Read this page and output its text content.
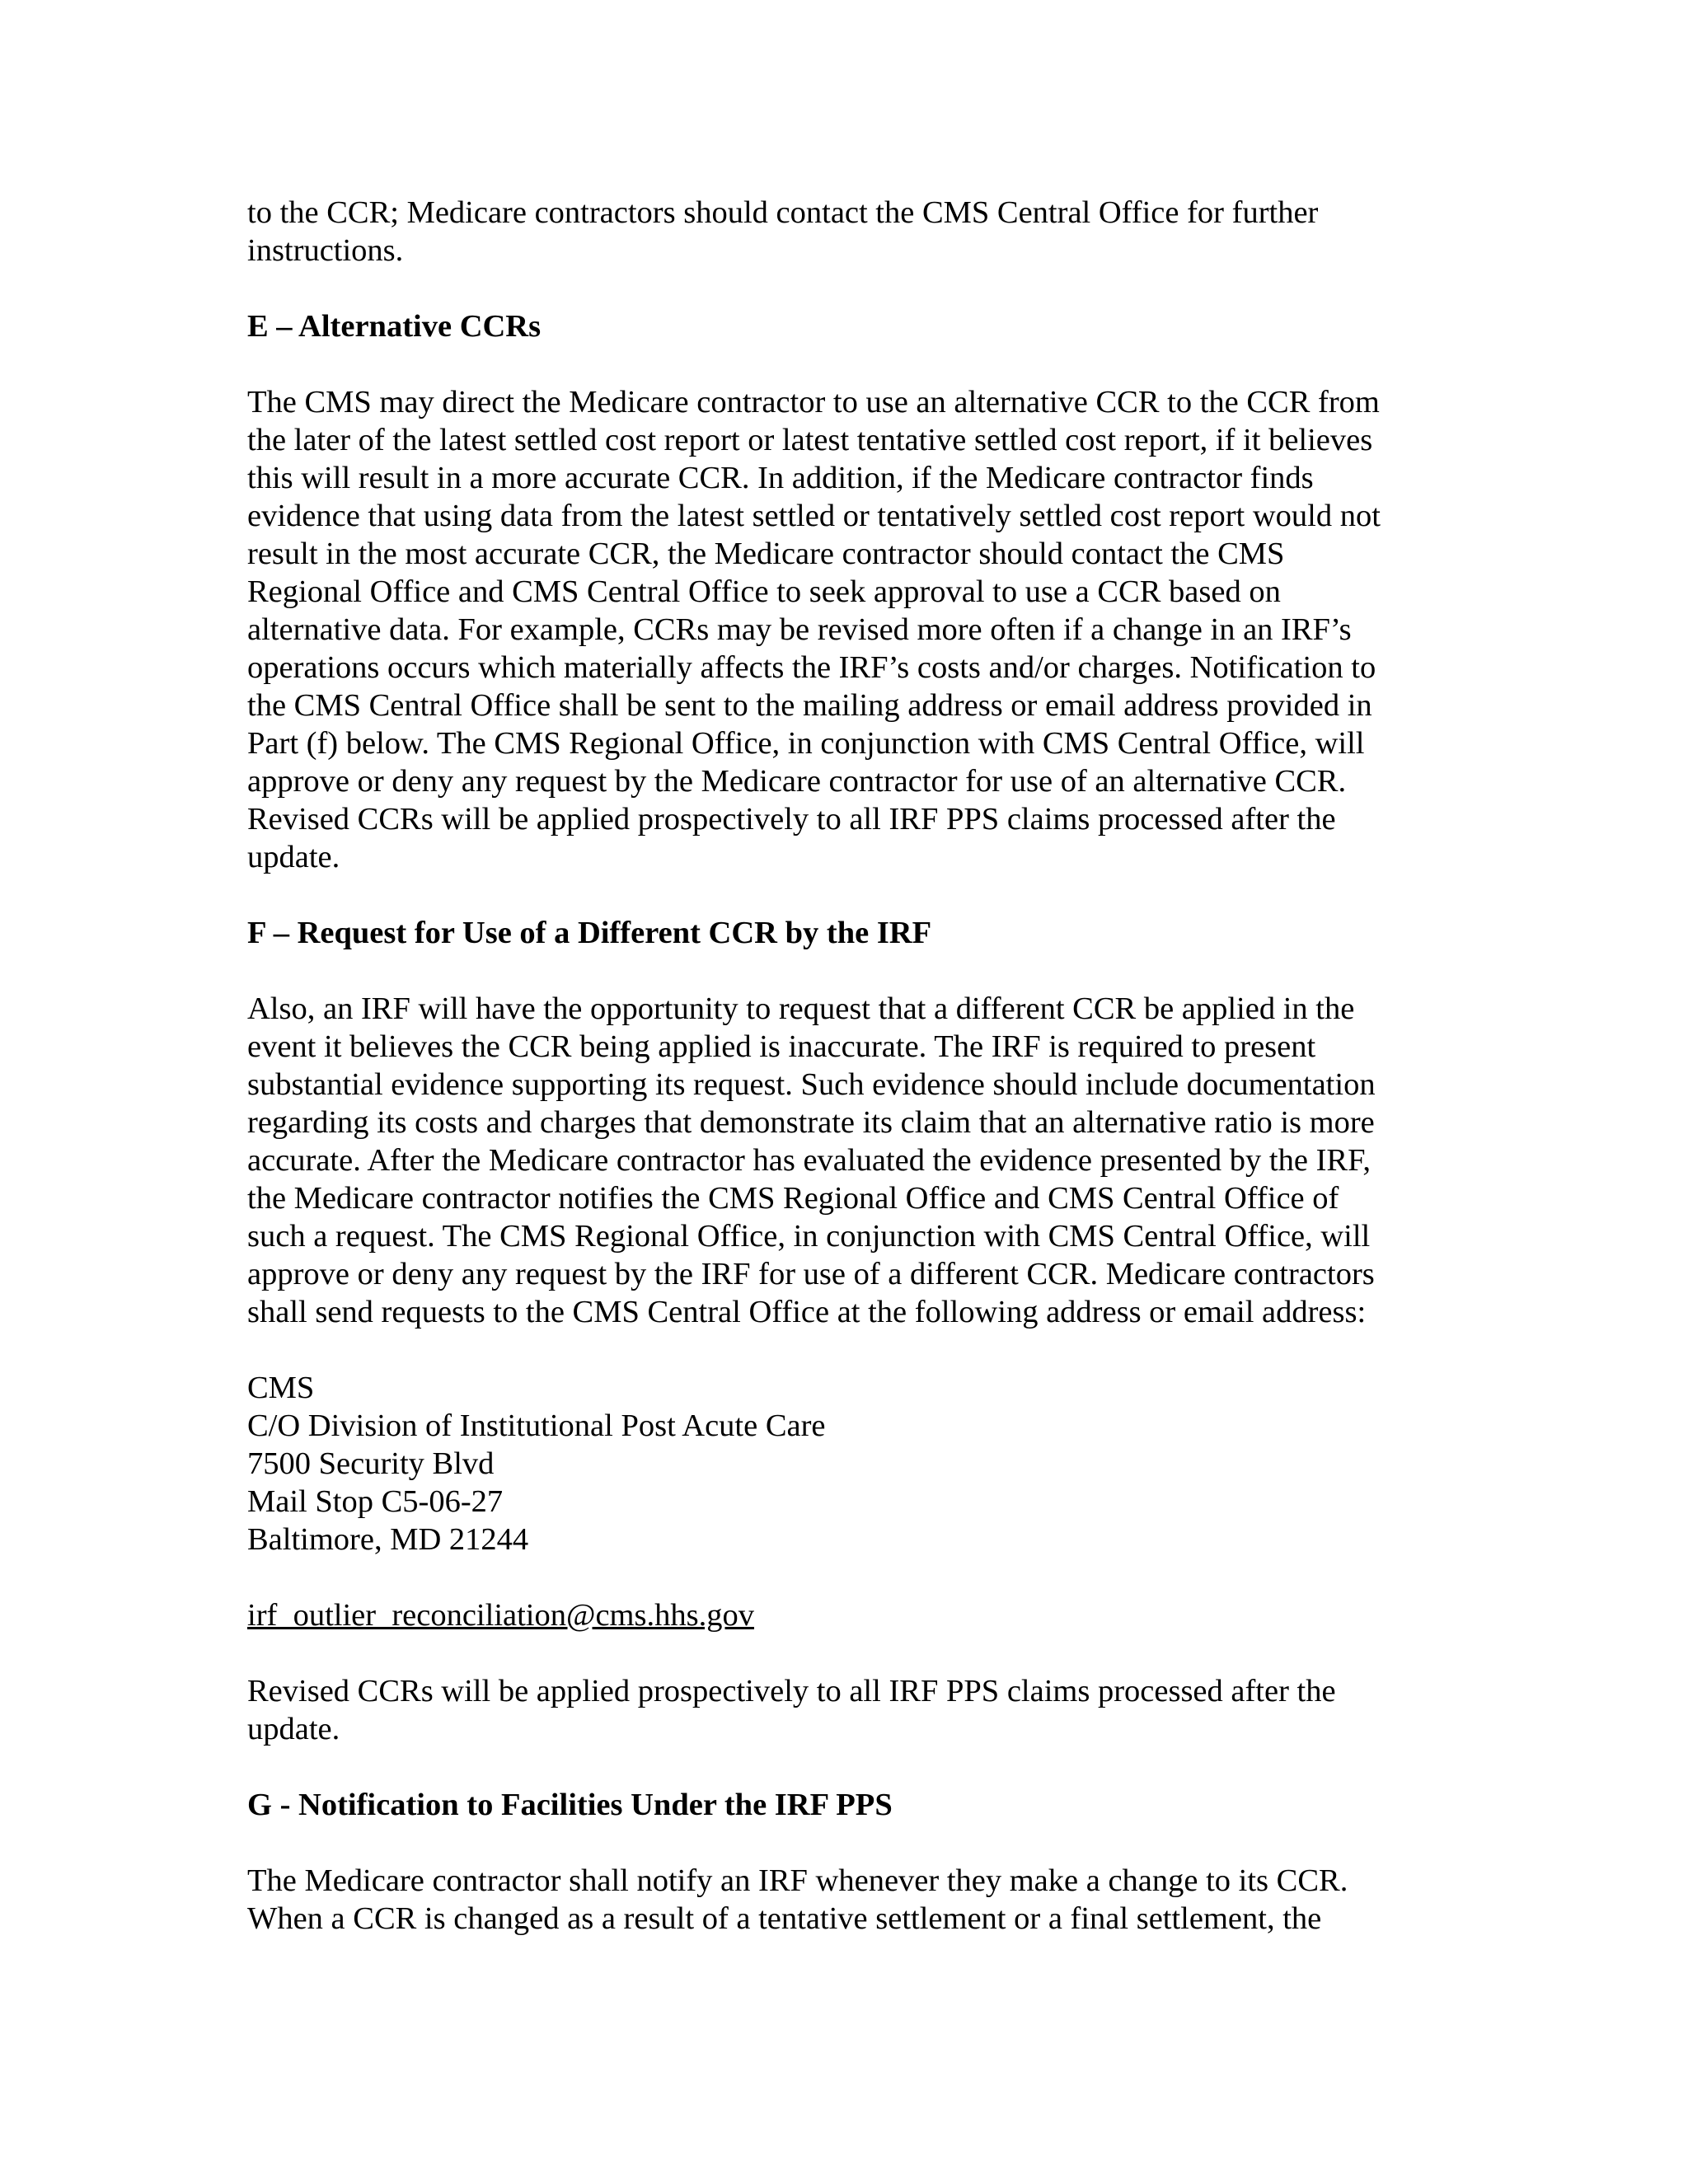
to the CCR; Medicare contractors should contact the CMS Central Office for further
instructions.
E – Alternative CCRs
The CMS may direct the Medicare contractor to use an alternative CCR to the CCR from
the later of the latest settled cost report or latest tentative settled cost report, if it believes
this will result in a more accurate CCR. In addition, if the Medicare contractor finds
evidence that using data from the latest settled or tentatively settled cost report would not
result in the most accurate CCR, the Medicare contractor should contact the CMS
Regional Office and CMS Central Office to seek approval to use a CCR based on
alternative data. For example, CCRs may be revised more often if a change in an IRF’s
operations occurs which materially affects the IRF’s costs and/or charges. Notification to
the CMS Central Office shall be sent to the mailing address or email address provided in
Part (f) below. The CMS Regional Office, in conjunction with CMS Central Office, will
approve or deny any request by the Medicare contractor for use of an alternative CCR.
Revised CCRs will be applied prospectively to all IRF PPS claims processed after the
update.
F – Request for Use of a Different CCR by the IRF
Also, an IRF will have the opportunity to request that a different CCR be applied in the
event it believes the CCR being applied is inaccurate. The IRF is required to present
substantial evidence supporting its request. Such evidence should include documentation
regarding its costs and charges that demonstrate its claim that an alternative ratio is more
accurate. After the Medicare contractor has evaluated the evidence presented by the IRF,
the Medicare contractor notifies the CMS Regional Office and CMS Central Office of
such a request. The CMS Regional Office, in conjunction with CMS Central Office, will
approve or deny any request by the IRF for use of a different CCR. Medicare contractors
shall send requests to the CMS Central Office at the following address or email address:
CMS
C/O Division of Institutional Post Acute Care
7500 Security Blvd
Mail Stop C5-06-27
Baltimore, MD 21244
irf_outlier_reconciliation@cms.hhs.gov
Revised CCRs will be applied prospectively to all IRF PPS claims processed after the
update.
G - Notification to Facilities Under the IRF PPS
The Medicare contractor shall notify an IRF whenever they make a change to its CCR.
When a CCR is changed as a result of a tentative settlement or a final settlement, the
